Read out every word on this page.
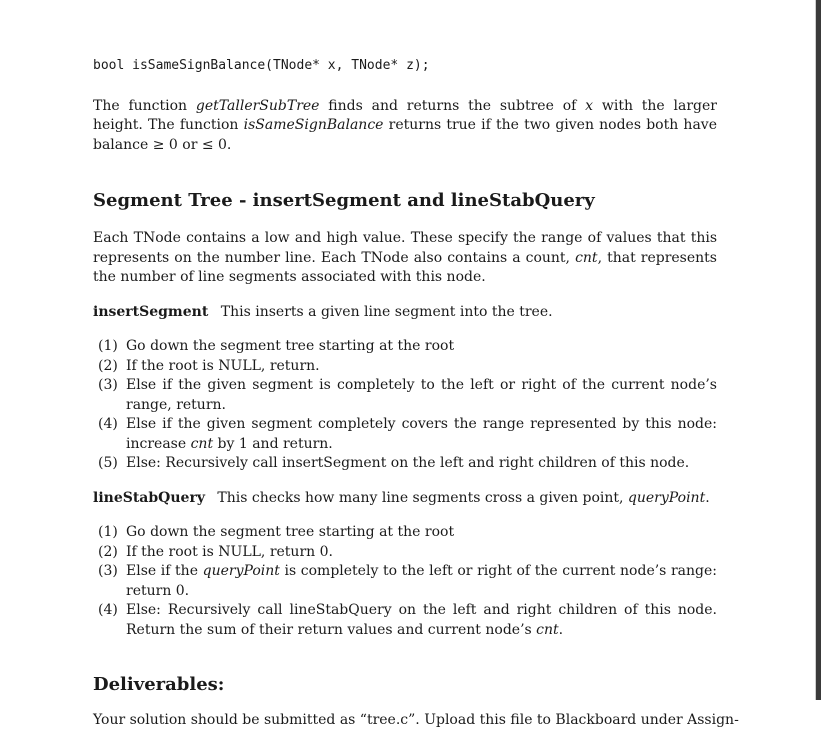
bool isSameSignBalance(TNode* x, TNode* z);

The function getTallerSubTree finds and returns the subtree of x with the larger height. The function isSameSignBalance returns true if the two given nodes both have balance ≥ 0 or ≤ 0.

Segment Tree - insertSegment and lineStabQuery

Each TNode contains a low and high value. These specify the range of values that this represents on the number line. Each TNode also contains a count, cnt, that represents the number of line segments associated with this node.

insertSegment This inserts a given line segment into the tree.

(1) Go down the segment tree starting at the root
(2) If the root is NULL, return.
(3) Else if the given segment is completely to the left or right of the current node’s range, return.
(4) Else if the given segment completely covers the range represented by this node: increase cnt by 1 and return.
(5) Else: Recursively call insertSegment on the left and right children of this node.

lineStabQuery This checks how many line segments cross a given point, queryPoint.

(1) Go down the segment tree starting at the root
(2) If the root is NULL, return 0.
(3) Else if the queryPoint is completely to the left or right of the current node’s range: return 0.
(4) Else: Recursively call lineStabQuery on the left and right children of this node. Return the sum of their return values and current node’s cnt.
Deliverables:

Your solution should be submitted as “tree.c”. Upload this file to Blackboard under Assign-
